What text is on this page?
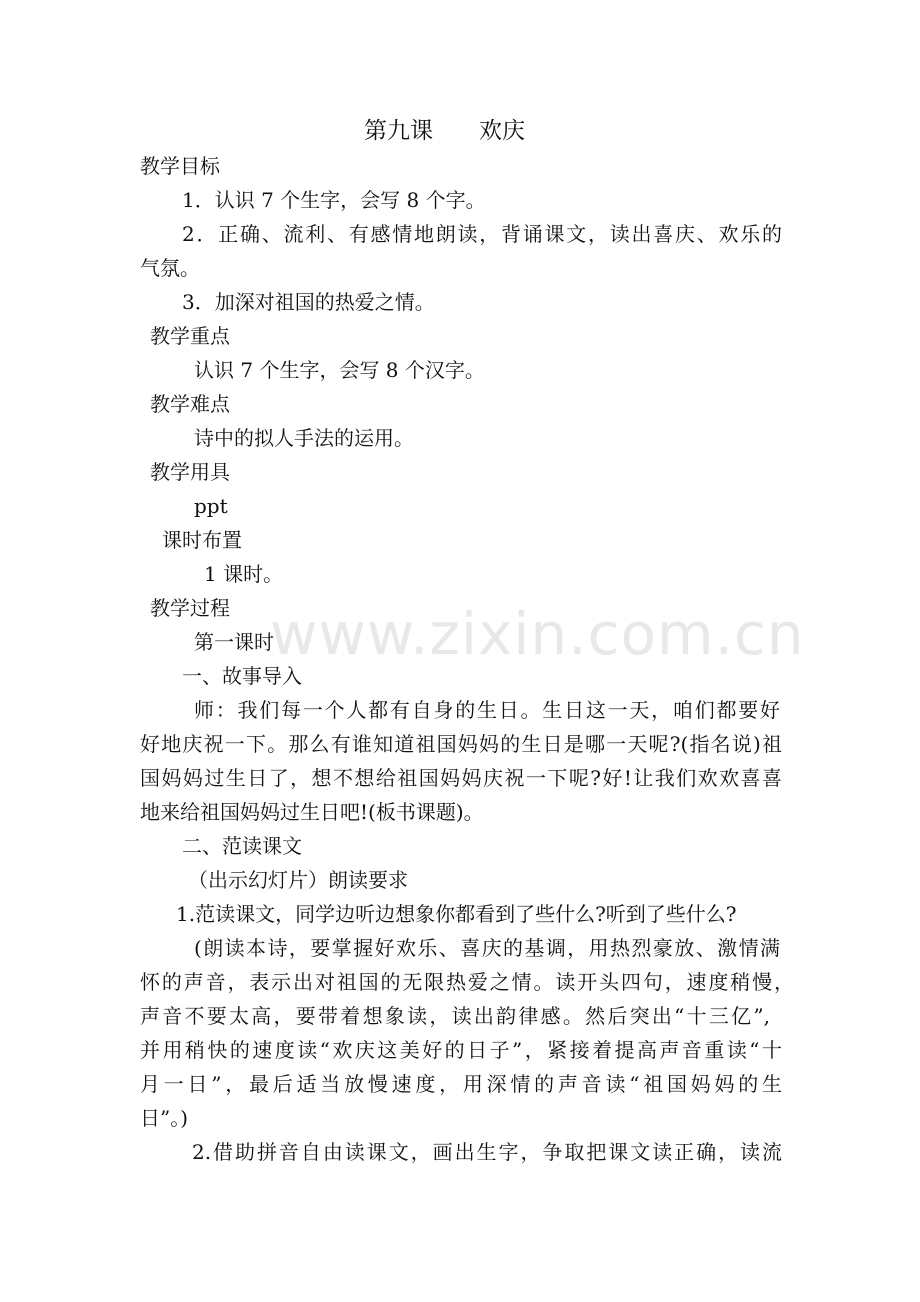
第九课　　欢庆
教学目标
1．认识 7 个生字，会写 8 个字。
2．正确、流利、有感情地朗读，背诵课文，读出喜庆、欢乐的
气氛。
3．加深对祖国的热爱之情。
教学重点
认识 7 个生字，会写 8 个汉字。
教学难点
诗中的拟人手法的运用。
教学用具
ppt
课时布置
1 课时。
教学过程
第一课时
一、故事导入
师：我们每一个人都有自身的生日。生日这一天，咱们都要好
好地庆祝一下。那么有谁知道祖国妈妈的生日是哪一天呢?(指名说)祖
国妈妈过生日了，想不想给祖国妈妈庆祝一下呢?好!让我们欢欢喜喜
地来给祖国妈妈过生日吧!(板书课题)。
二、范读课文
（出示幻灯片）朗读要求
1.范读课文，同学边听边想象你都看到了些什么?听到了些什么?
(朗读本诗，要掌握好欢乐、喜庆的基调，用热烈豪放、激情满
怀的声音，表示出对祖国的无限热爱之情。读开头四句，速度稍慢，
声音不要太高，要带着想象读，读出韵律感。然后突出“十三亿”,
并用稍快的速度读“欢庆这美好的日子”，紧接着提高声音重读“十
月一日”，最后适当放慢速度，用深情的声音读“祖国妈妈的生
日”。)
2.借助拼音自由读课文，画出生字，争取把课文读正确，读流
www.zixin.com.cn
